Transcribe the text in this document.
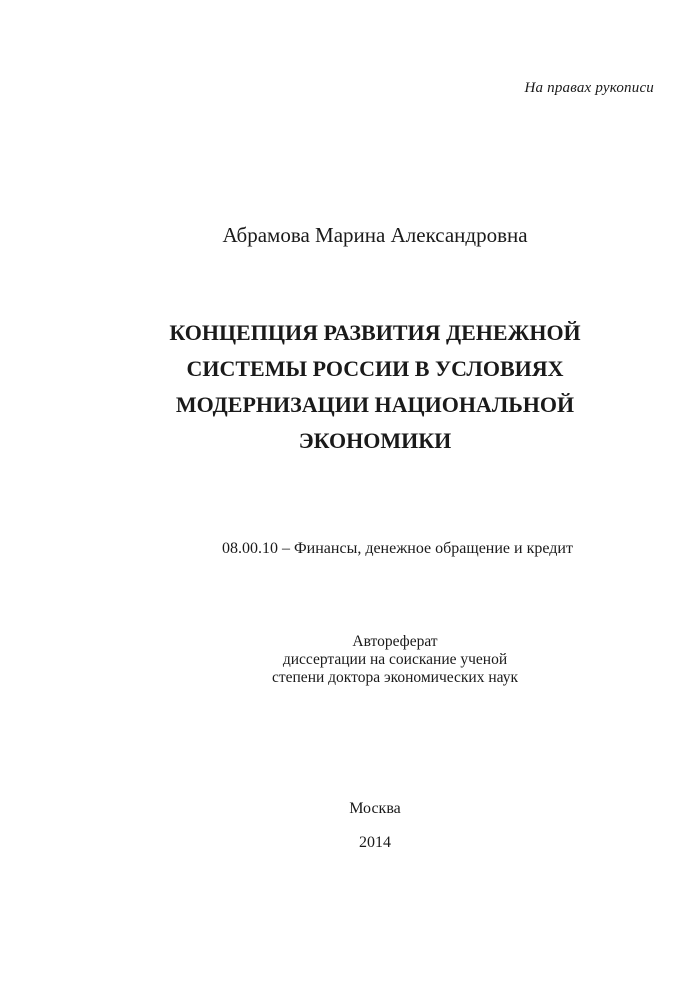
На правах рукописи
Абрамова Марина Александровна
КОНЦЕПЦИЯ РАЗВИТИЯ ДЕНЕЖНОЙ
СИСТЕМЫ РОССИИ В УСЛОВИЯХ
МОДЕРНИЗАЦИИ НАЦИОНАЛЬНОЙ
ЭКОНОМИКИ
08.00.10 – Финансы, денежное обращение и кредит
Автореферат
диссертации на соискание ученой
степени доктора экономических наук
Москва
2014
